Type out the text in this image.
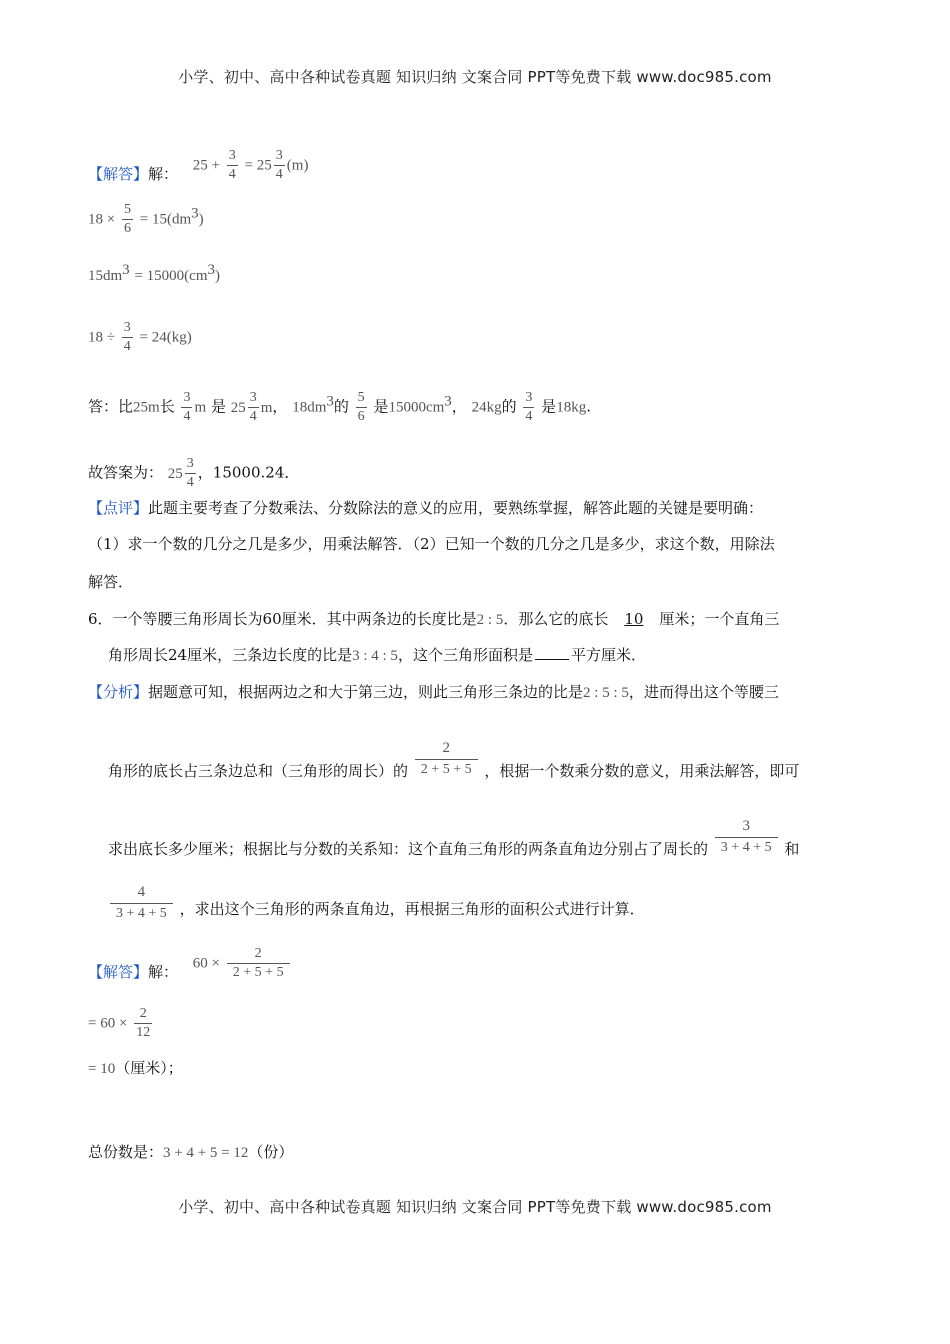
小学、初中、高中各种试卷真题 知识归纳 文案合同 PPT等免费下载 www.doc985.com
$25 + \frac{3}{4} = 25 \frac{3}{4} (m)$
【解答】解：
$18 \times \frac{5}{6} = 15(dm^3)$
$15dm^3 = 15000(cm^3)$
$18 \div \frac{3}{4} = 24(kg)$
答：比25m长 $\frac{3}{4}$ m 是 $25 \frac{3}{4}$ m ， $18dm^3$的 $\frac{5}{6}$ 是$15000cm^3$， 24kg的 $\frac{3}{4}$ 是18kg.
故答案为： $25 \frac{3}{4}$ ，15000.24．
【点评】此题主要考查了分数乘法、分数除法的意义的应用，要熟练掌握，解答此题的关键是要明确：
（1）求一个数的几分之几是多少，用乘法解答．（2）已知一个数的几分之几是多少，求这个数，用除法
解答．
6．一个等腰三角形周长为60厘米．其中两条边的长度比是2 : 5．那么它的底长 10 厘米；一个直角三
角形周长24厘米，三条边长度的比是3 : 4 : 5，这个三角形面积是	平方厘米．
【分析】据题意可知，根据两边之和大于第三边，则此三角形三条边的比是2 : 5 : 5，进而得出这个等腰三
角形的底长占三条边总和（三角形的周长）的 $\frac{2}{2 + 5 + 5}$ ，根据一个数乘分数的意义，用乘法解答，即可
求出底长多少厘米；根据比与分数的关系知：这个直角三角形的两条直角边分别占了周长的 $\frac{3}{3 + 4 + 5}$ 和
$\frac{4}{3 + 4 + 5}$ ，求出这个三角形的两条直角边，再根据三角形的面积公式进行计算．
$60 \times \frac{2}{2 + 5 + 5}$
【解答】解：
= $60 \times \frac{2}{12}$
= 10（厘米）；
总份数是：3 + 4 + 5 = 12（份）
小学、初中、高中各种试卷真题 知识归纳 文案合同 PPT等免费下载 www.doc985.com
